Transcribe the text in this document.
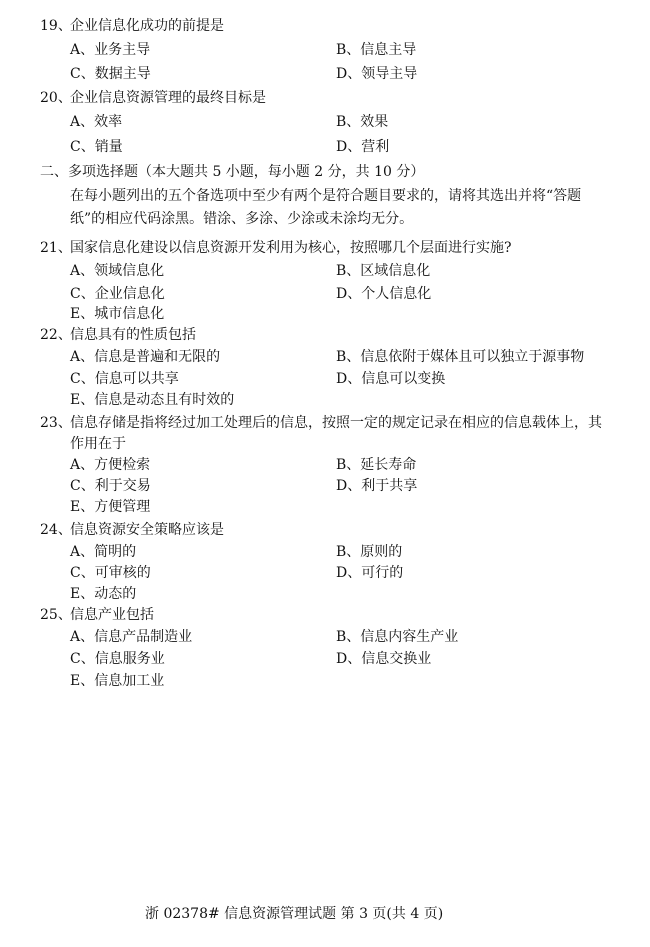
19、
企业信息化成功的前提是
A、业务主导	B、信息主导
C、数据主导	D、领导主导
20、
企业信息资源管理的最终目标是
A、效率	B、效果
C、销量	D、营利
二、多项选择题（本大题共 5 小题，每小题 2 分，共 10 分）
在每小题列出的五个备选项中至少有两个是符合题目要求的，请将其选出并将“答题
纸”的相应代码涂黑。错涂、多涂、少涂或未涂均无分。
21、
国家信息化建设以信息资源开发利用为核心，按照哪几个层面进行实施?
A、领域信息化	B、区域信息化
C、企业信息化	D、个人信息化
E、城市信息化
22、
信息具有的性质包括
A、信息是普遍和无限的	B、信息依附于媒体且可以独立于源事物
C、信息可以共享	D、信息可以变换
E、信息是动态且有时效的
23、
信息存储是指将经过加工处理后的信息，按照一定的规定记录在相应的信息载体上，其
作用在于
A、方便检索	B、延长寿命
C、利于交易	D、利于共享
E、方便管理
24、
信息资源安全策略应该是
A、简明的	B、原则的
C、可审核的	D、可行的
E、动态的
25、
信息产业包括
A、信息产品制造业	B、信息内容生产业
C、信息服务业	D、信息交换业
E、信息加工业
浙 02378# 信息资源管理试题 第 3 页(共 4 页)
